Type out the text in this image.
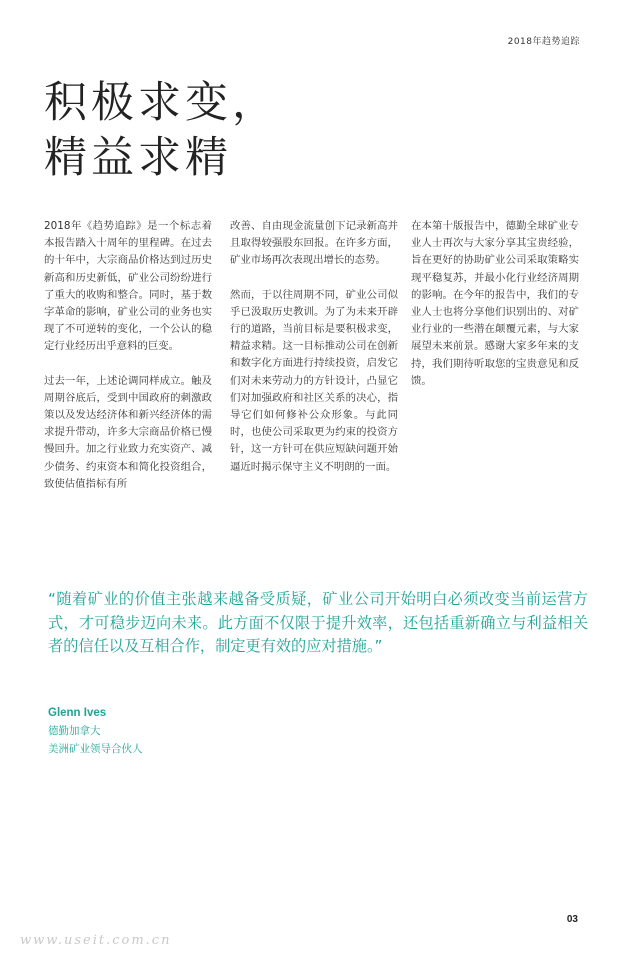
2018年趋势追踪
积极求变，
精益求精

2018年《趋势追踪》是一个标志着本报告踏入十周年的里程碑。在过去的十年中，大宗商品价格达到过历史新高和历史新低，矿业公司纷纷进行了重大的收购和整合。同时，基于数字革命的影响，矿业公司的业务也实现了不可逆转的变化，一个公认的稳定行业经历出乎意料的巨变。

过去一年，上述论调同样成立。触及周期谷底后，受到中国政府的刺激政策以及发达经济体和新兴经济体的需求提升带动，许多大宗商品价格已慢慢回升。加之行业致力充实资产、减少债务、约束资本和简化投资组合，致使估值指标有所

改善、自由现金流量创下记录新高并且取得较强股东回报。在许多方面，矿业市场再次表现出增长的态势。

然而，于以往周期不同，矿业公司似乎已汲取历史教训。为了为未来开辟行的道路，当前目标是要积极求变，精益求精。这一目标推动公司在创新和数字化方面进行持续投资，启发它们对未来劳动力的方针设计，凸显它们对加强政府和社区关系的决心，指导它们如何修补公众形象。与此同时，也使公司采取更为约束的投资方针，这一方针可在供应短缺问题开始逼近时揭示保守主义不明朗的一面。

在本第十版报告中，德勤全球矿业专业人士再次与大家分享其宝贵经验，旨在更好的协助矿业公司采取策略实现平稳复苏，并最小化行业经济周期的影响。在今年的报告中，我们的专业人士也将分享他们识别出的、对矿业行业的一些潜在颠覆元素，与大家展望未来前景。感谢大家多年来的支持，我们期待听取您的宝贵意见和反馈。

“随着矿业的价值主张越来越备受质疑，矿业公司开始明白必须改变当前运营方式，才可稳步迈向未来。此方面不仅限于提升效率，还包括重新确立与利益相关者的信任以及互相合作，制定更有效的应对措施。”
Glenn Ives
德勤加拿大
美洲矿业领导合伙人
03
www.useit.com.cn
